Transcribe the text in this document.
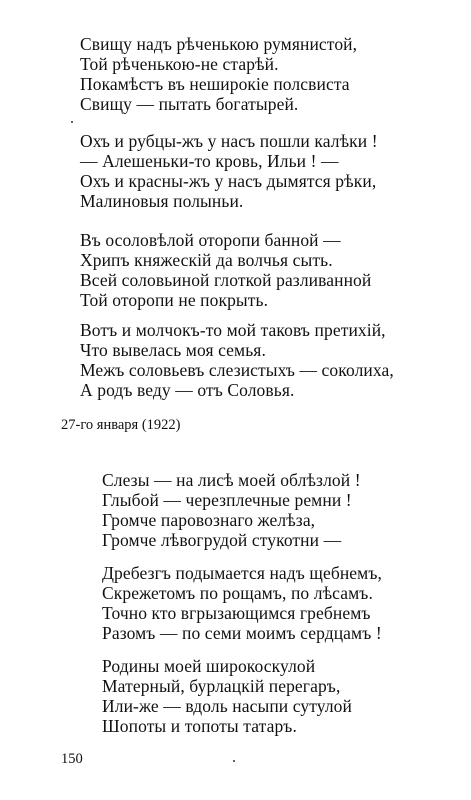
Свищу надъ рѣченькою румянистой,
Той рѣченькою-не старѣй.
Покамѣстъ въ неширокіе полсвиста
Свищу — пытать богатырей.
Охъ и рубцы-жъ у насъ пошли калѣки !
— Алешеньки-то кровь, Ильи ! —
Охъ и красны-жъ у насъ дымятся рѣки,
Малиновыя полыньи.
Въ осоловѣлой оторопи банной —
Хрипъ княжескій да волчья сыть.
Всей соловьиной глоткой разливанной
Той оторопи не покрыть.
Вотъ и молчокъ-то мой таковъ претихій,
Что вывелась моя семья.
Межъ соловьевъ слезистыхъ — соколиха,
А родъ веду — отъ Соловья.
27-го января (1922)
Слезы — на лисѣ моей облѣзлой !
Глыбой — черезплечные ремни !
Громче паровознаго желѣза,
Громче лѣвогрудой стукотни —
Дребезгъ подымается надъ щебнемъ,
Скрежетомъ по рощамъ, по лѣсамъ.
Точно кто вгрызающимся гребнемъ
Разомъ — по семи моимъ сердцамъ !
Родины моей широкоскулой
Матерный, бурлацкій перегаръ,
Или-же — вдоль насыпи сутулой
Шопоты и топоты татаръ.
150
